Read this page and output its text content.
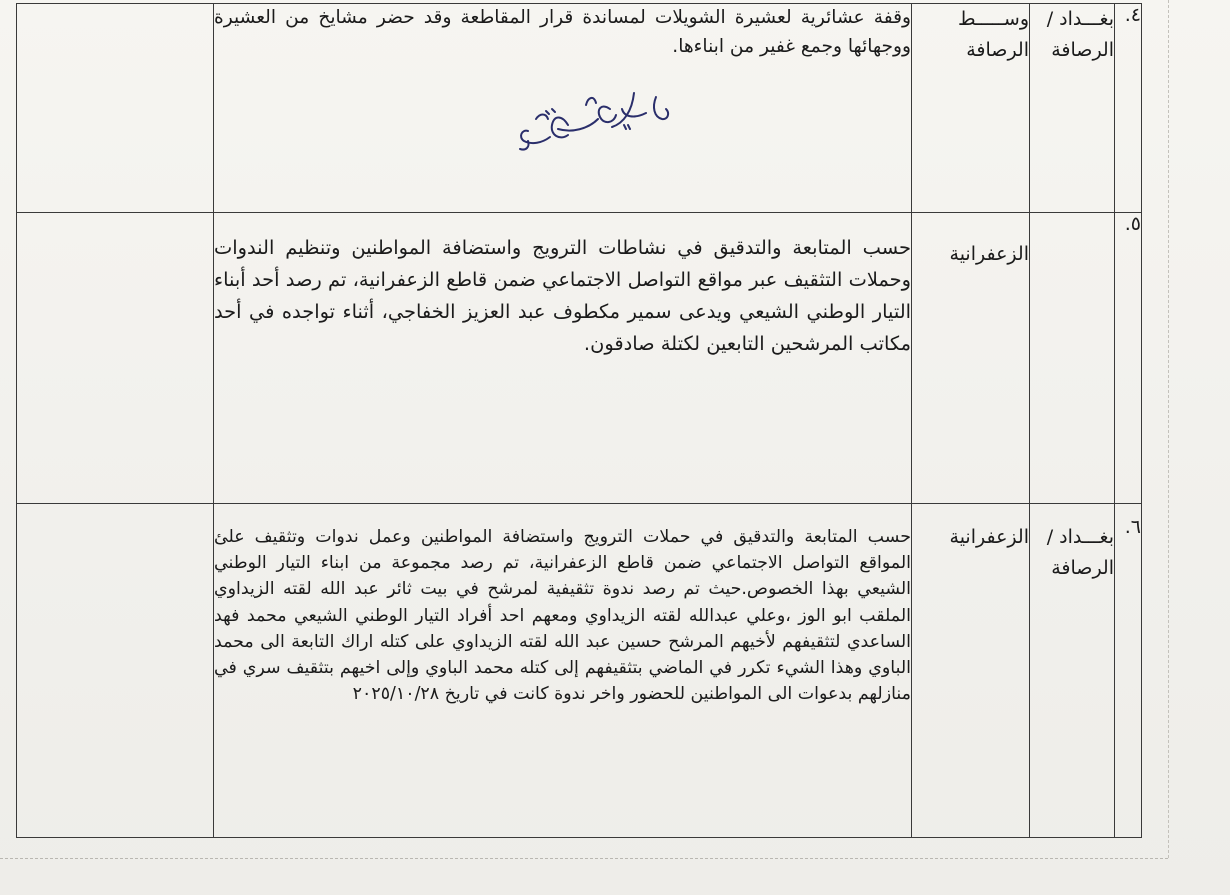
٤.	بغـــداد / الرصافة	وســـــط الرصافة	وقفة عشائرية لعشيرة الشويلات لمساندة قرار المقاطعة وقد حضر مشايخ من العشيرة ووجهائها وجمع غفير من ابناءها.	

٥.		الزعفرانية	حسب المتابعة والتدقيق في نشاطات الترويج واستضافة المواطنين وتنظيم الندوات وحملات التثقيف عبر مواقع التواصل الاجتماعي ضمن قاطع الزعفرانية، تم رصد أحد أبناء التيار الوطني الشيعي ويدعى سمير مكطوف عبد العزيز الخفاجي، أثناء تواجده في أحد مكاتب المرشحين التابعين لكتلة صادقون.	

٦.	بغـــداد / الرصافة	الزعفرانية	حسب المتابعة والتدقيق في حملات الترويج واستضافة المواطنين وعمل ندوات وتثقيف علئ المواقع التواصل الاجتماعي ضمن قاطع الزعفرانية، تم رصد مجموعة من ابناء التيار الوطني الشيعي بهذا الخصوص.حيث تم رصد ندوة تثقيفية لمرشح في بيت ثائر عبد الله لقته الزيداوي الملقب ابو الوز ،وعلي عبدالله لقته الزيداوي ومعهم احد أفراد التيار الوطني الشيعي محمد فهد الساعدي لتثقيفهم لأخيهم المرشح حسين عبد الله لقته الزيداوي على كتله اراك التابعة الى محمد الباوي وهذا الشيء تكرر في الماضي بتثقيفهم إلى كتله محمد الباوي وإلى اخيهم بتثقيف سري في منازلهم بدعوات الى المواطنين للحضور واخر ندوة كانت في تاريخ ٢٠٢٥/١٠/٢٨	
